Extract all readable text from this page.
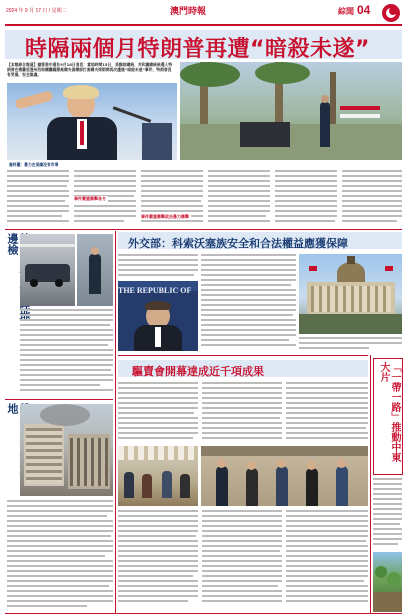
2024 年 9 月 17 日 / 星期二	澳門時報	綜聞 04
時隔兩個月特朗普再遭“暗殺未遂”
【本報綜合報道】據香港中通社9月16日消息：當地時間15日，美國前總統、共和黨總統候選人特朗普在佛羅里達州西棕櫚灘國際高爾夫俱樂部打高爾夫球期間再次遭遇“暗殺未遂”事件，特朗普沒有受傷，安全無虞。
資料圖：暴力在美國沒有市場
事件嚴重衝擊各方
事件嚴重衝擊政治暴力衝擊
邊檢
地
外交部：科索沃塞族安全和合法權益應獲保障
THE REPUBLIC OF
驅賣會開幕達成近千項成果	「一帶一路」推動中東大片
